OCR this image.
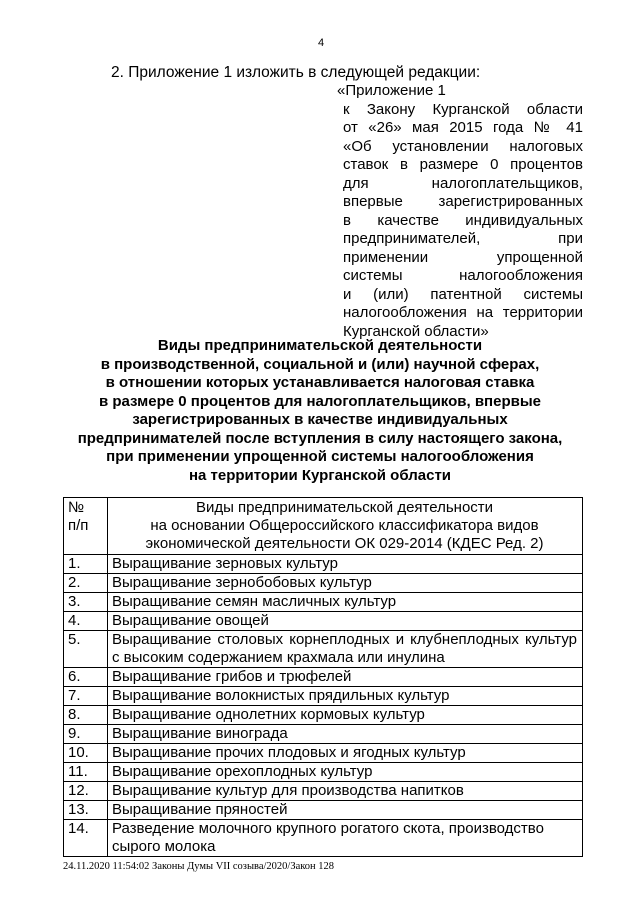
4
2. Приложение 1 изложить в следующей редакции:
«Приложение 1
к Закону Курганской области
от «26» мая 2015 года № 41
«Об установлении налоговых
ставок в размере 0 процентов
для налогоплательщиков,
впервые зарегистрированных
в качестве индивидуальных
предпринимателей, при
применении упрощенной
системы налогообложения
и (или) патентной системы
налогообложения на территории
Курганской области»
Виды предпринимательской деятельности
в производственной, социальной и (или) научной сферах,
в отношении которых устанавливается налоговая ставка
в размере 0 процентов для налогоплательщиков, впервые
зарегистрированных в качестве индивидуальных
предпринимателей после вступления в силу настоящего закона,
при применении упрощенной системы налогообложения
на территории Курганской области
№
п/п	Виды предпринимательской деятельности
на основании Общероссийского классификатора видов
экономической деятельности ОК 029-2014 (КДЕС Ред. 2)

1.	Выращивание зерновых культур
2.	Выращивание зернобобовых культур
3.	Выращивание семян масличных культур
4.	Выращивание овощей
5.	Выращивание столовых корнеплодных и клубнеплодных культур с высоким содержанием крахмала или инулина
6.	Выращивание грибов и трюфелей
7.	Выращивание волокнистых прядильных культур
8.	Выращивание однолетних кормовых культур
9.	Выращивание винограда
10.	Выращивание прочих плодовых и ягодных культур
11.	Выращивание орехоплодных культур
12.	Выращивание культур для производства напитков
13.	Выращивание пряностей
14.	Разведение молочного крупного рогатого скота, производство сырого молока
24.11.2020 11:54:02 Законы Думы VII созыва/2020/Закон 128
